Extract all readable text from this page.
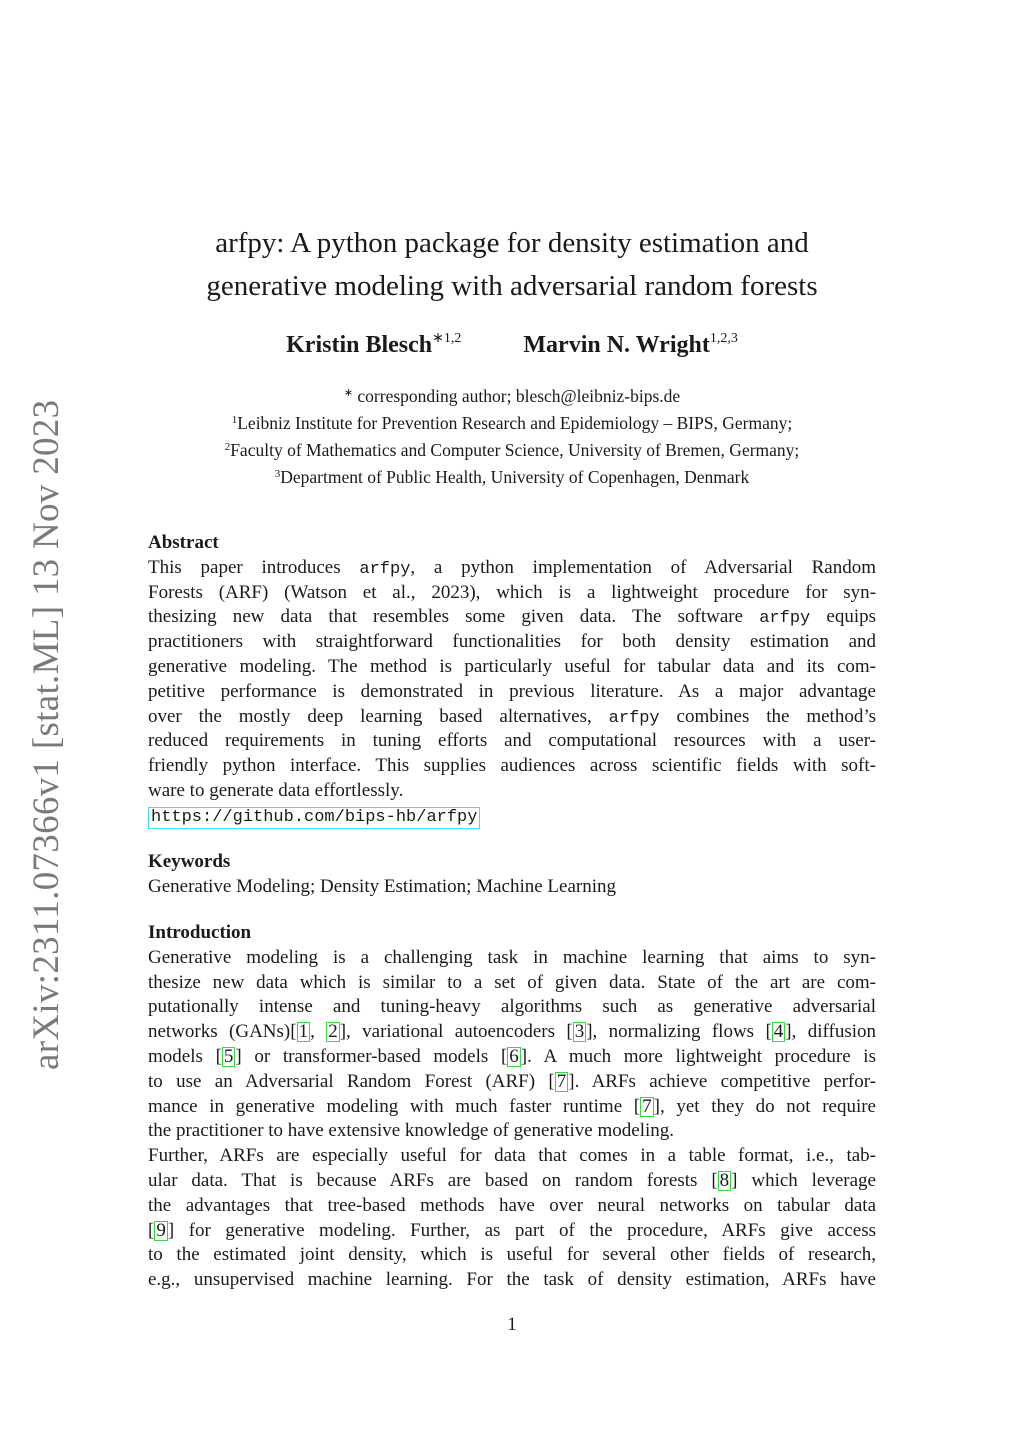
arXiv:2311.07366v1 [stat.ML] 13 Nov 2023
arfpy: A python package for density estimation and
generative modeling with adversarial random forests
Kristin Blesch$^{∗1,2}$	Marvin N. Wright$^{1,2,3}$
∗ corresponding author; blesch@leibniz-bips.de
$^1$Leibniz Institute for Prevention Research and Epidemiology – BIPS, Germany;
$^2$Faculty of Mathematics and Computer Science, University of Bremen, Germany;
$^3$Department of Public Health, University of Copenhagen, Denmark
Abstract
This paper introduces arfpy, a python implementation of Adversarial Random
Forests (ARF) (Watson et al., 2023), which is a lightweight procedure for syn-
thesizing new data that resembles some given data. The software arfpy equips
practitioners with straightforward functionalities for both density estimation and
generative modeling. The method is particularly useful for tabular data and its com-
petitive performance is demonstrated in previous literature. As a major advantage
over the mostly deep learning based alternatives, arfpy combines the method’s
reduced requirements in tuning efforts and computational resources with a user-
friendly python interface. This supplies audiences across scientific fields with soft-
ware to generate data effortlessly.
https://github.com/bips-hb/arfpy
Keywords
Generative Modeling; Density Estimation; Machine Learning
Introduction
Generative modeling is a challenging task in machine learning that aims to syn-
thesize new data which is similar to a set of given data. State of the art are com-
putationally intense and tuning-heavy algorithms such as generative adversarial
networks (GANs)[ 1 , 2 ], variational autoencoders [ 3 ], normalizing flows [ 4 ], diffusion
models [ 5 ] or transformer-based models [ 6 ]. A much more lightweight procedure is
to use an Adversarial Random Forest (ARF) [ 7 ]. ARFs achieve competitive perfor-
mance in generative modeling with much faster runtime [ 7 ], yet they do not require
the practitioner to have extensive knowledge of generative modeling.
Further, ARFs are especially useful for data that comes in a table format, i.e., tab-
ular data. That is because ARFs are based on random forests [ 8 ] which leverage
the advantages that tree-based methods have over neural networks on tabular data
[ 9 ] for generative modeling. Further, as part of the procedure, ARFs give access
to the estimated joint density, which is useful for several other fields of research,
e.g., unsupervised machine learning. For the task of density estimation, ARFs have
1
